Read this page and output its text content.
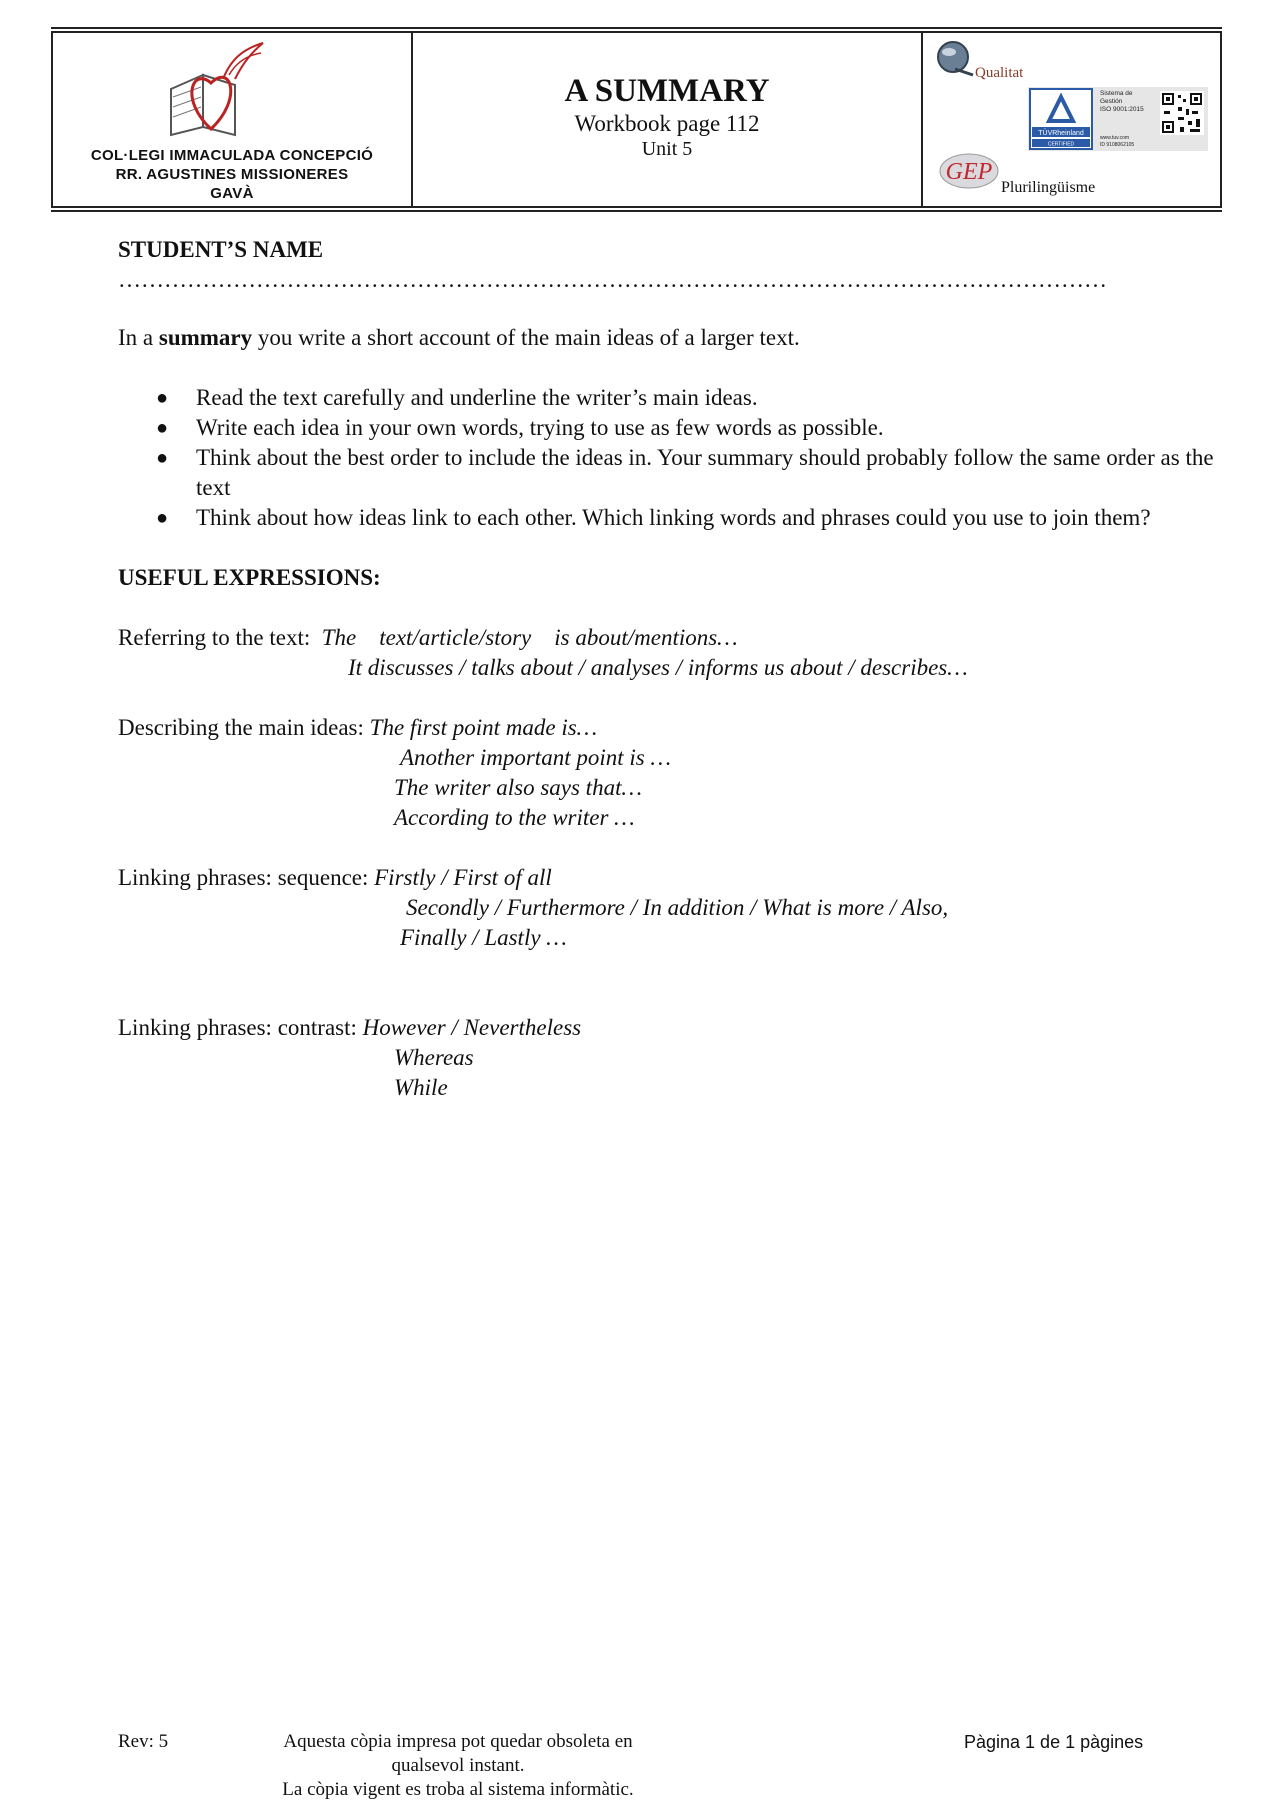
COL·LEGI IMMACULADA CONCEPCIÓ
RR. AGUSTINES MISSIONERES
GAVÀ
A SUMMARY
Workbook page 112
Unit 5
Qualitat
TÜVRheinland
CERTIFIED
Sistema de
Gestión
ISO 9001:2015
www.tuv.com
ID 9108062105
GEP
Plurilingüisme

STUDENT’S NAME …………………………………………………………………………………………………………………

In a summary you write a short account of the main ideas of a larger text.

● Read the text carefully and underline the writer’s main ideas.
● Write each idea in your own words, trying to use as few words as possible.
● Think about the best order to include the ideas in. Your summary should probably follow the same order as the text
● Think about how ideas link to each other. Which linking words and phrases could you use to join them?

USEFUL EXPRESSIONS:

Referring to the text: The    text/article/story    is about/mentions…
It discusses / talks about / analyses / informs us about / describes…
Describing the main ideas: The first point made is…
Another important point is …
The writer also says that…
According to the writer …
Linking phrases: sequence: Firstly / First of all
Secondly / Furthermore / In addition / What is more / Also,
Finally / Lastly …
Linking phrases: contrast: However / Nevertheless
Whereas
While
Rev: 5	Aquesta còpia impresa pot quedar obsoleta en qualsevol instant.
La còpia vigent es troba al sistema informàtic.
Pàgina 1 de 1 pàgines
